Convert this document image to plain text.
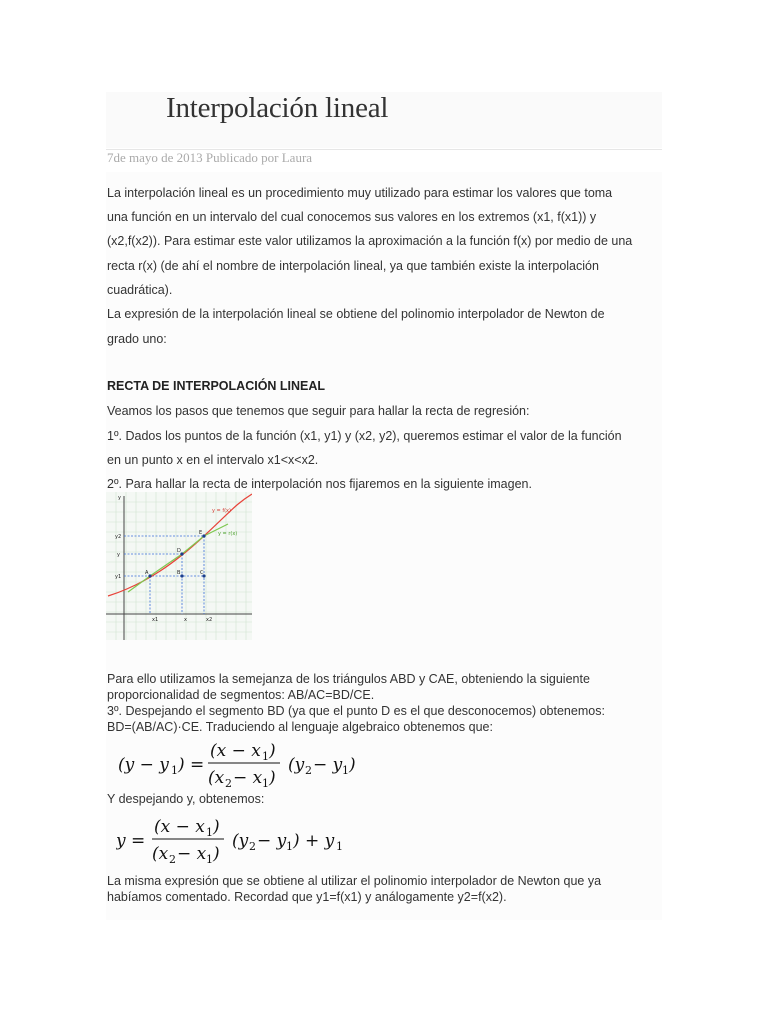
Interpolación lineal
7de mayo de 2013 Publicado por Laura

La interpolación lineal es un procedimiento muy utilizado para estimar los valores que toma

una función en un intervalo del cual conocemos sus valores en los extremos (x1, f(x1)) y

(x2,f(x2)). Para estimar este valor utilizamos la aproximación a la función f(x) por medio de una

recta r(x) (de ahí el nombre de interpolación lineal, ya que también existe la interpolación

cuadrática).

La expresión de la interpolación lineal se obtiene del polinomio interpolador de Newton de

grado uno:

RECTA DE INTERPOLACIÓN LINEAL

Veamos los pasos que tenemos que seguir para hallar la recta de regresión:

1º. Dados los puntos de la función (x1, y1) y (x2, y2), queremos estimar el valor de la función

en un punto x en el intervalo x1<x<x2.

2º. Para hallar la recta de interpolación nos fijaremos en la siguiente imagen.

y
y = f(x)
y = r(x)
A	B	C
D
E
y2
y
y1
x1	x	x2

Para ello utilizamos la semejanza de los triángulos ABD y CAE, obteniendo la siguiente

proporcionalidad de segmentos: AB/AC=BD/CE.

3º. Despejando el segmento BD (ya que el punto D es el que desconocemos) obtenemos:

BD=(AB/AC)·CE. Traduciendo al lenguaje algebraico obtenemos que:

(y − y 1 ) =
(x − x 1 )
(x 2 − x 1 )
(y 2 − y 1 )

Y despejando y, obtenemos:

y =
(x − x 1 )
(x 2 − x 1 )
(y 2 − y 1 ) + y 1

La misma expresión que se obtiene al utilizar el polinomio interpolador de Newton que ya

habíamos comentado. Recordad que y1=f(x1) y análogamente y2=f(x2).
